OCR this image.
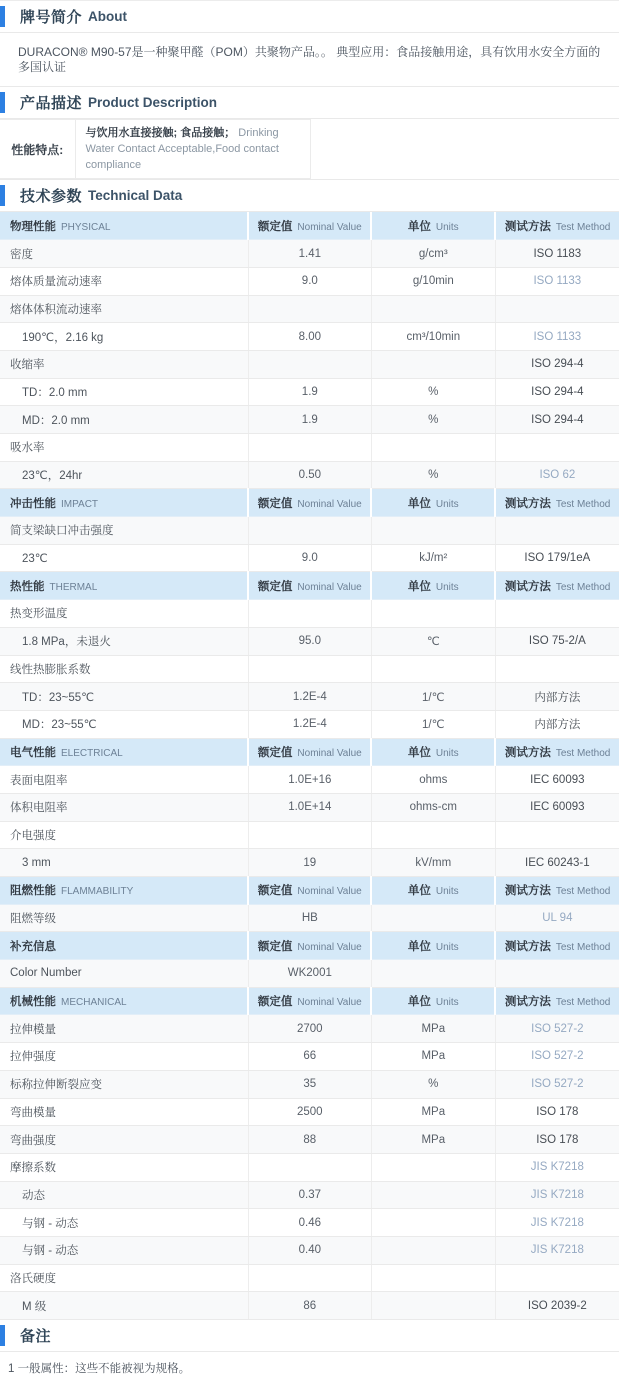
牌号简介 About
DURACON® M90-57是一种聚甲醛（POM）共聚物产品。。 典型应用：食品接触用途，具有饮用水安全方面的多国认证
产品描述 Product Description
性能特点:	与饮用水直接接触; 食品接触； Drinking Water Contact Acceptable,Food contact compliance
技术参数 Technical Data
物理性能 PHYSICAL	额定值 Nominal Value	单位 Units	测试方法 Test Method
密度	1.41	g/cm³	ISO 1183
熔体质量流动速率	9.0	g/10min	ISO 1133
熔体体积流动速率			
190℃，2.16 kg	8.00	cm³/10min	ISO 1133
收缩率			ISO 294-4
TD：2.0 mm	1.9	%	ISO 294-4
MD：2.0 mm	1.9	%	ISO 294-4
吸水率			
23℃，24hr	0.50	%	ISO 62
冲击性能 IMPACT	额定值 Nominal Value	单位 Units	测试方法 Test Method
简支梁缺口冲击强度			
23℃	9.0	kJ/m²	ISO 179/1eA
热性能 THERMAL	额定值 Nominal Value	单位 Units	测试方法 Test Method
热变形温度			
1.8 MPa，未退火	95.0	℃	ISO 75-2/A
线性热膨胀系数			
TD：23~55℃	1.2E-4	1/℃	内部方法
MD：23~55℃	1.2E-4	1/℃	内部方法
电气性能 ELECTRICAL	额定值 Nominal Value	单位 Units	测试方法 Test Method
表面电阻率	1.0E+16	ohms	IEC 60093
体积电阻率	1.0E+14	ohms-cm	IEC 60093
介电强度			
3 mm	19	kV/mm	IEC 60243-1
阻燃性能 FLAMMABILITY	额定值 Nominal Value	单位 Units	测试方法 Test Method
阻燃等级	HB		UL 94
补充信息	额定值 Nominal Value	单位 Units	测试方法 Test Method
Color Number	WK2001		
机械性能 MECHANICAL	额定值 Nominal Value	单位 Units	测试方法 Test Method
拉伸模量	2700	MPa	ISO 527-2
拉伸强度	66	MPa	ISO 527-2
标称拉伸断裂应变	35	%	ISO 527-2
弯曲模量	2500	MPa	ISO 178
弯曲强度	88	MPa	ISO 178
摩擦系数			JIS K7218
动态	0.37		JIS K7218
与钢 - 动态	0.46		JIS K7218
与钢 - 动态	0.40		JIS K7218
洛氏硬度			
M 级	86		ISO 2039-2
备注
1 一般属性：这些不能被视为规格。
